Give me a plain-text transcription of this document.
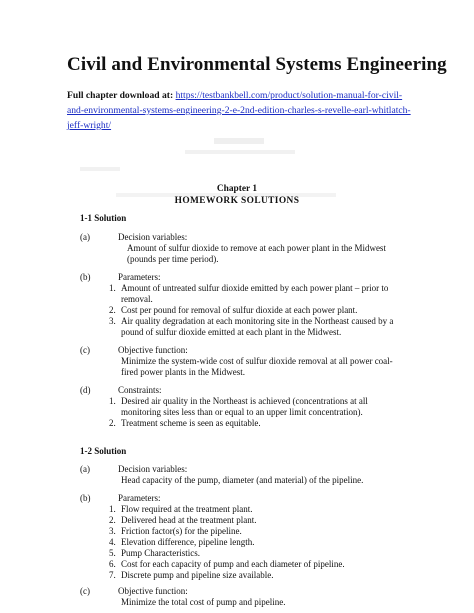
Civil and Environmental Systems Engineering
Full chapter download at: https://testbankbell.com/product/solution-manual-for-civil-and-environmental-systems-engineering-2-e-2nd-edition-charles-s-revelle-earl-whitlatch-jeff-wright/
Chapter 1
HOMEWORK SOLUTIONS
1-1 Solution
(a)	Decision variables:
Amount of sulfur dioxide to remove at each power plant in the Midwest
(pounds per time period).
(b)	Parameters:
1. Amount of untreated sulfur dioxide emitted by each power plant – prior to
removal.
2. Cost per pound for removal of sulfur dioxide at each power plant.
3. Air quality degradation at each monitoring site in the Northeast caused by a
pound of sulfur dioxide emitted at each plant in the Midwest.
(c)	Objective function:
Minimize the system-wide cost of sulfur dioxide removal at all power coal-
fired power plants in the Midwest.
(d)	Constraints:
1. Desired air quality in the Northeast is achieved (concentrations at all
monitoring sites less than or equal to an upper limit concentration).
2. Treatment scheme is seen as equitable.
1-2 Solution
(a)	Decision variables:
Head capacity of the pump, diameter (and material) of the pipeline.
(b)	Parameters:
1. Flow required at the treatment plant.
2. Delivered head at the treatment plant.
3. Friction factor(s) for the pipeline.
4. Elevation difference, pipeline length.
5. Pump Characteristics.
6. Cost for each capacity of pump and each diameter of pipeline.
7. Discrete pump and pipeline size available.
(c)	Objective function:
Minimize the total cost of pump and pipeline.
